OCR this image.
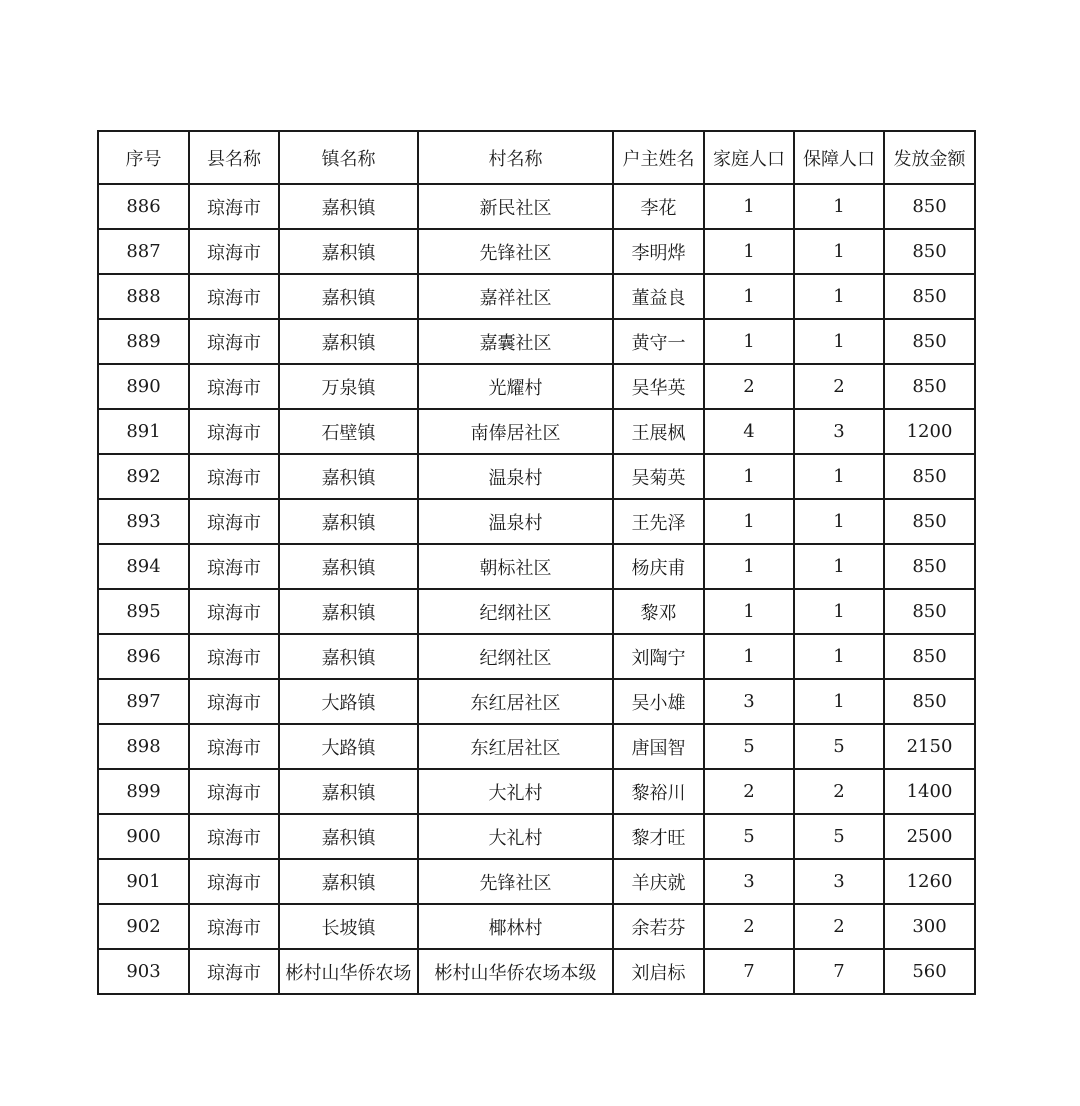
序号	县名称	镇名称	村名称	户主姓名	家庭人口	保障人口	发放金额
886	琼海市	嘉积镇	新民社区	李花	1	1	850
887	琼海市	嘉积镇	先锋社区	李明烨	1	1	850
888	琼海市	嘉积镇	嘉祥社区	董益良	1	1	850
889	琼海市	嘉积镇	嘉囊社区	黄守一	1	1	850
890	琼海市	万泉镇	光耀村	吴华英	2	2	850
891	琼海市	石壁镇	南俸居社区	王展枫	4	3	1200
892	琼海市	嘉积镇	温泉村	吴菊英	1	1	850
893	琼海市	嘉积镇	温泉村	王先泽	1	1	850
894	琼海市	嘉积镇	朝标社区	杨庆甫	1	1	850
895	琼海市	嘉积镇	纪纲社区	黎邓	1	1	850
896	琼海市	嘉积镇	纪纲社区	刘陶宁	1	1	850
897	琼海市	大路镇	东红居社区	吴小雄	3	1	850
898	琼海市	大路镇	东红居社区	唐国智	5	5	2150
899	琼海市	嘉积镇	大礼村	黎裕川	2	2	1400
900	琼海市	嘉积镇	大礼村	黎才旺	5	5	2500
901	琼海市	嘉积镇	先锋社区	羊庆就	3	3	1260
902	琼海市	长坡镇	椰林村	余若芬	2	2	300
903	琼海市	彬村山华侨农场	彬村山华侨农场本级	刘启标	7	7	560
